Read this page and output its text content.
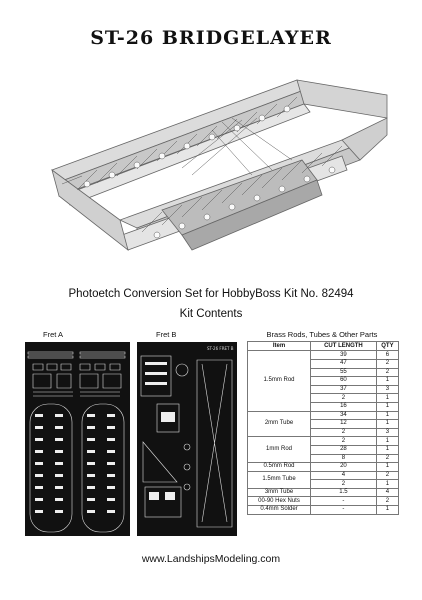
ST-26 BRIDGELAYER
Photoetch Conversion Set for HobbyBoss Kit No. 82494
Kit Contents
Fret A	Fret B
ST-26 FRET B
Brass Rods, Tubes & Other Parts
Item	CUT LENGTH	QTY
1.5mm Rod	39	6
	47	2
	55	2
	60	1
	37	3
	2	1
	16	1
2mm Tube	34	1
	12	1
	2	3
1mm Rod	2	1
	28	1
	8	2
0.5mm Rod	20	1
1.5mm Tube	4	2
	2	1
3mm Tube	1.5	4
00-90 Hex Nuts	-	2
0.4mm Solder	-	1
www.LandshipsModeling.com
